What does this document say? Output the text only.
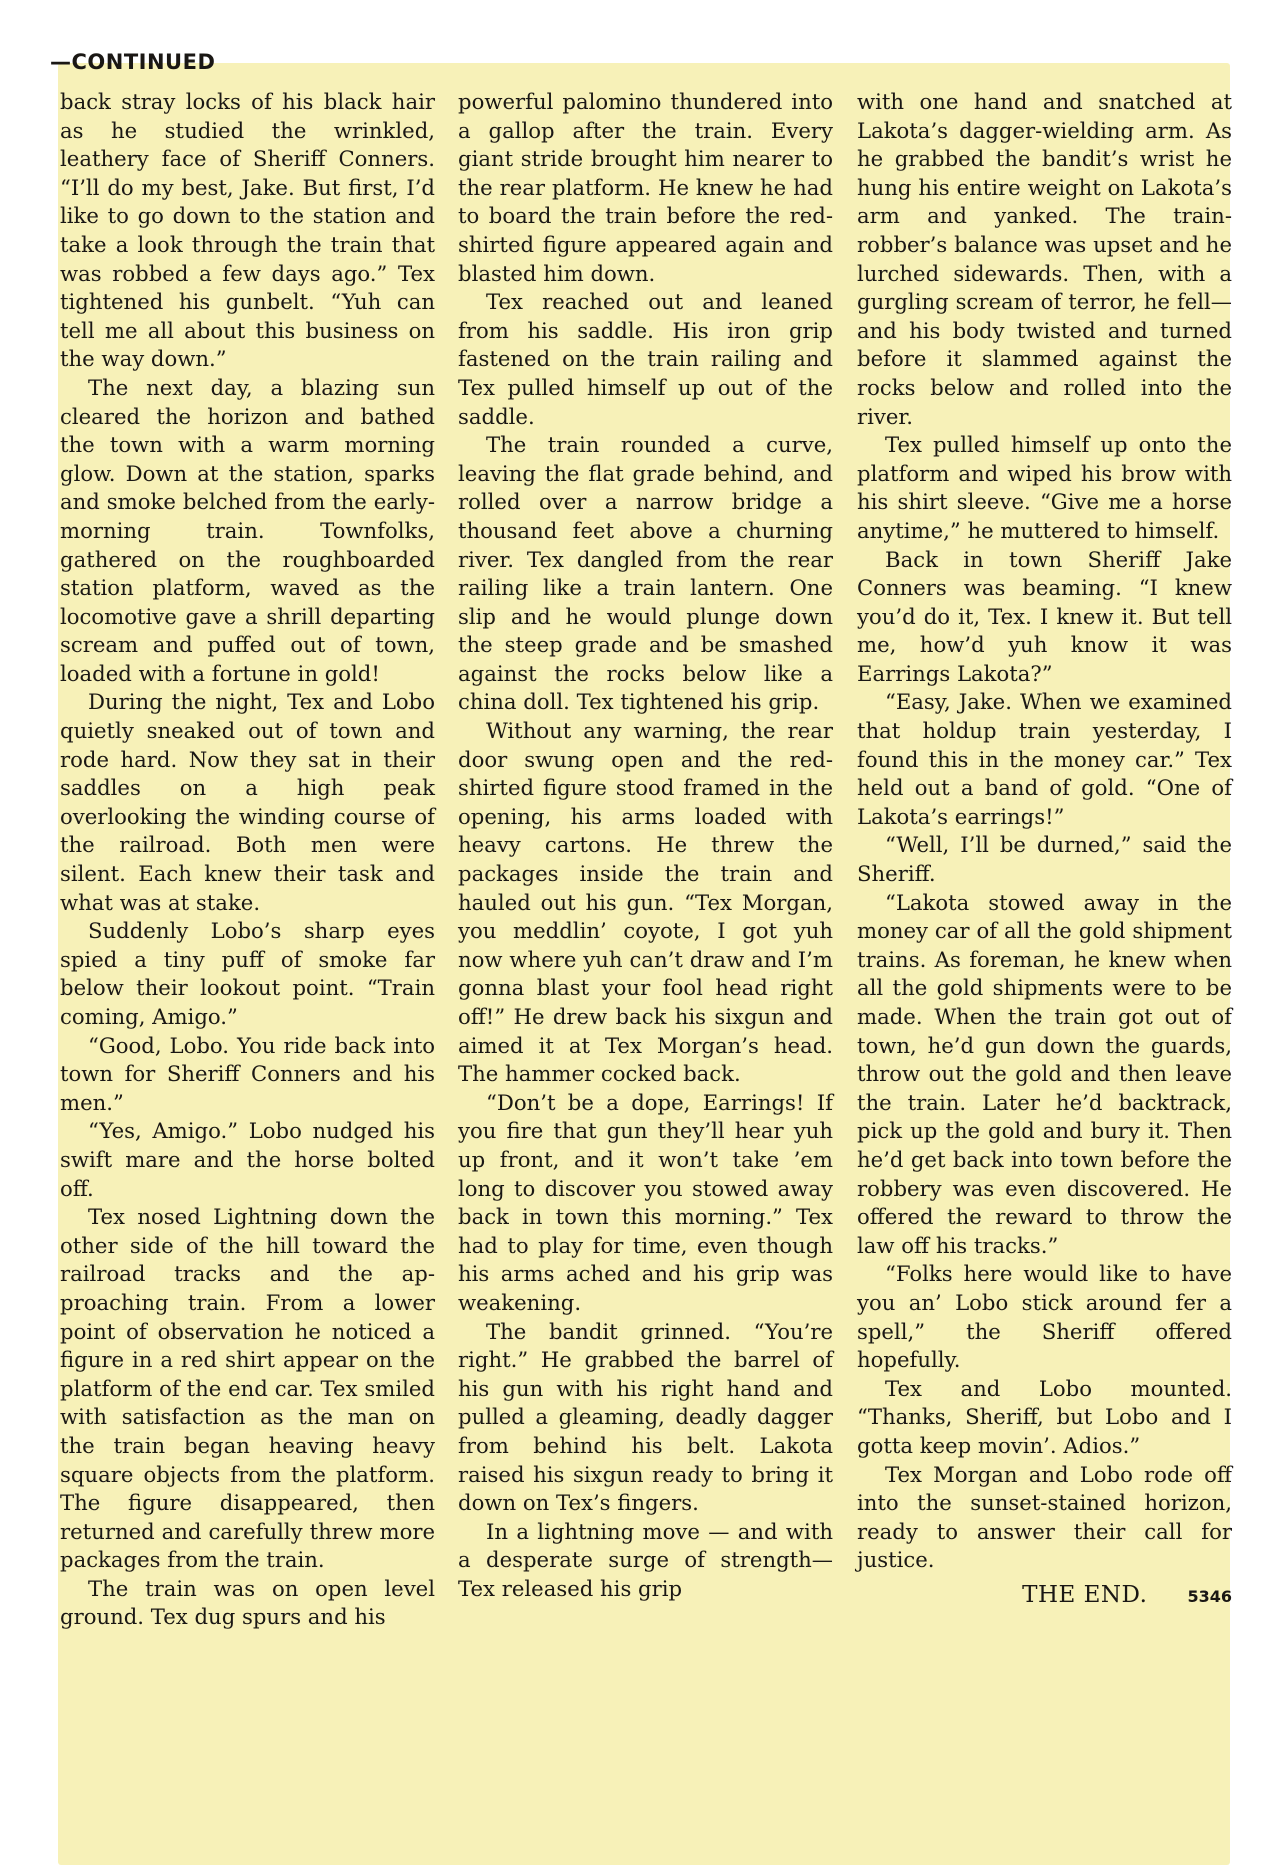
—CONTINUED

back stray locks of his black hair as he studied the wrinkled, leathery face of Sheriff Conners. “I’ll do my best, Jake. But first, I’d like to go down to the station and take a look through the train that was robbed a few days ago.” Tex tightened his gunbelt. “Yuh can tell me all about this business on the way down.”

The next day, a blazing sun cleared the horizon and bathed the town with a warm morning glow. Down at the station, sparks and smoke belched from the early-morning train. Townfolks, gathered on the roughboarded station platform, waved as the locomotive gave a shrill departing scream and puffed out of town, loaded with a fortune in gold!

During the night, Tex and Lobo quietly sneaked out of town and rode hard. Now they sat in their saddles on a high peak overlooking the winding course of the railroad. Both men were silent. Each knew their task and what was at stake.

Suddenly Lobo’s sharp eyes spied a tiny puff of smoke far below their lookout point. “Train coming, Amigo.”

“Good, Lobo. You ride back into town for Sheriff Conners and his men.”

“Yes, Amigo.” Lobo nudged his swift mare and the horse bolted off.

Tex nosed Lightning down the other side of the hill toward the railroad tracks and the approaching train. From a lower point of observation he noticed a figure in a red shirt appear on the platform of the end car. Tex smiled with satisfaction as the man on the train began heaving heavy square objects from the platform. The figure disappeared, then returned and carefully threw more packages from the train.

The train was on open level ground. Tex dug spurs and his

powerful palomino thundered into a gallop after the train. Every giant stride brought him nearer to the rear platform. He knew he had to board the train before the red-shirted figure appeared again and blasted him down.

Tex reached out and leaned from his saddle. His iron grip fastened on the train railing and Tex pulled himself up out of the saddle.

The train rounded a curve, leaving the flat grade behind, and rolled over a narrow bridge a thousand feet above a churning river. Tex dangled from the rear railing like a train lantern. One slip and he would plunge down the steep grade and be smashed against the rocks below like a china doll. Tex tightened his grip.

Without any warning, the rear door swung open and the red-shirted figure stood framed in the opening, his arms loaded with heavy cartons. He threw the packages inside the train and hauled out his gun. “Tex Morgan, you meddlin’ coyote, I got yuh now where yuh can’t draw and I’m gonna blast your fool head right off!” He drew back his sixgun and aimed it at Tex Morgan’s head. The hammer cocked back.

“Don’t be a dope, Earrings! If you fire that gun they’ll hear yuh up front, and it won’t take ’em long to discover you stowed away back in town this morning.” Tex had to play for time, even though his arms ached and his grip was weakening.

The bandit grinned. “You’re right.” He grabbed the barrel of his gun with his right hand and pulled a gleaming, deadly dagger from behind his belt. Lakota raised his sixgun ready to bring it down on Tex’s fingers.

In a lightning move — and with a desperate surge of strength—Tex released his grip

with one hand and snatched at Lakota’s dagger-wielding arm. As he grabbed the bandit’s wrist he hung his entire weight on Lakota’s arm and yanked. The train-robber’s balance was upset and he lurched sidewards. Then, with a gurgling scream of terror, he fell—and his body twisted and turned before it slammed against the rocks below and rolled into the river.

Tex pulled himself up onto the platform and wiped his brow with his shirt sleeve. “Give me a horse anytime,” he muttered to himself.

Back in town Sheriff Jake Conners was beaming. “I knew you’d do it, Tex. I knew it. But tell me, how’d yuh know it was Earrings Lakota?”

“Easy, Jake. When we examined that holdup train yesterday, I found this in the money car.” Tex held out a band of gold. “One of Lakota’s earrings!”

“Well, I’ll be durned,” said the Sheriff.

“Lakota stowed away in the money car of all the gold shipment trains. As foreman, he knew when all the gold shipments were to be made. When the train got out of town, he’d gun down the guards, throw out the gold and then leave the train. Later he’d backtrack, pick up the gold and bury it. Then he’d get back into town before the robbery was even discovered. He offered the reward to throw the law off his tracks.”

“Folks here would like to have you an’ Lobo stick around fer a spell,” the Sheriff offered hopefully.

Tex and Lobo mounted. “Thanks, Sheriff, but Lobo and I gotta keep movin’. Adios.”

Tex Morgan and Lobo rode off into the sunset-stained horizon, ready to answer their call for justice.

THE END.	5346
